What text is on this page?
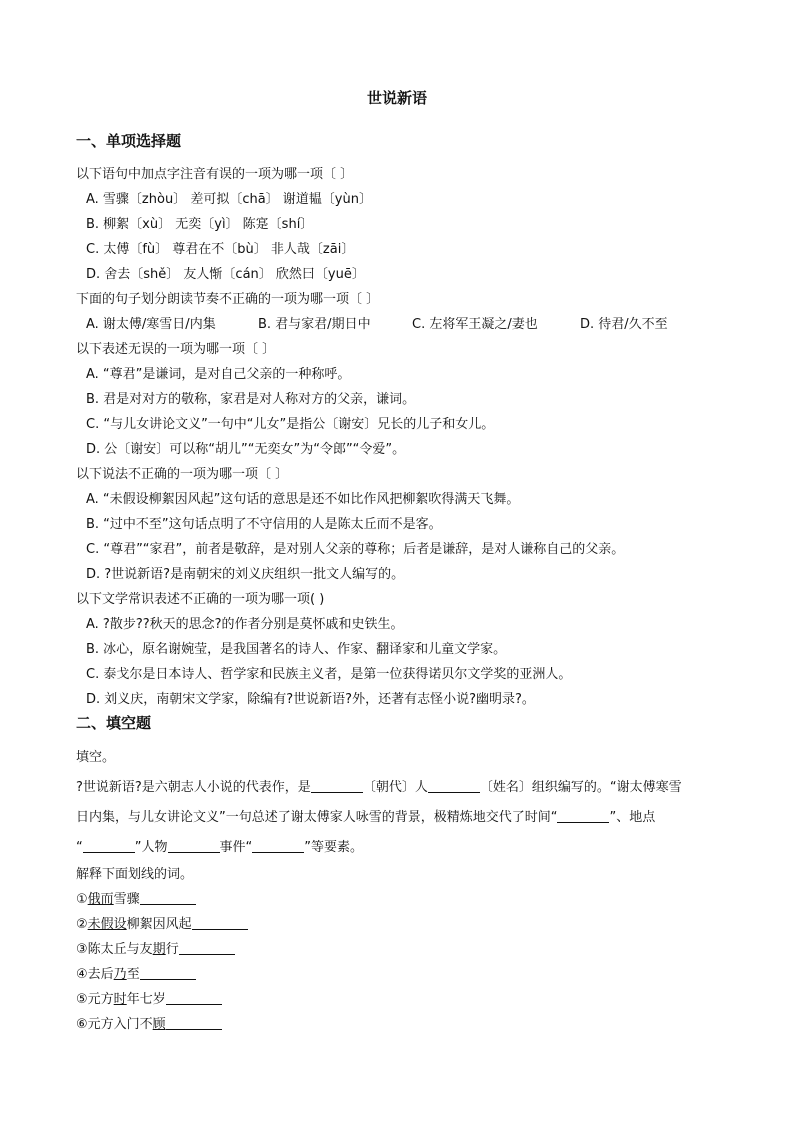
世说新语
一、单项选择题
以下语句中加点字注音有误的一项为哪一项〔 〕
A. 雪骤〔zhòu〕 差可拟〔chā〕 谢道韫〔yùn〕
B. 柳絮〔xù〕 无奕〔yì〕 陈寔〔shí〕
C. 太傅〔fù〕 尊君在不〔bù〕 非人哉〔zāi〕
D. 舍去〔shě〕 友人惭〔cán〕 欣然曰〔yuē〕
下面的句子划分朗读节奏不正确的一项为哪一项〔 〕
A. 谢太傅/寒雪日/内集	B. 君与家君/期日中	C. 左将军王凝之/妻也	D. 待君/久不至
以下表述无误的一项为哪一项〔 〕
A. “尊君”是谦词，是对自己父亲的一种称呼。
B. 君是对对方的敬称，家君是对人称对方的父亲，谦词。
C. “与儿女讲论文义”一句中“儿女”是指公〔谢安〕兄长的儿子和女儿。
D. 公〔谢安〕可以称“胡儿”“无奕女”为“令郎”“令爱”。
以下说法不正确的一项为哪一项〔 〕
A. “未假设柳絮因风起”这句话的意思是还不如比作风把柳絮吹得满天飞舞。
B. “过中不至”这句话点明了不守信用的人是陈太丘而不是客。
C. “尊君”“家君”，前者是敬辞，是对别人父亲的尊称；后者是谦辞，是对人谦称自己的父亲。
D. ?世说新语?是南朝宋的刘义庆组织一批文人编写的。
以下文学常识表述不正确的一项为哪一项( )
A. ?散步??秋天的思念?的作者分别是莫怀戚和史铁生。
B. 冰心，原名谢婉莹，是我国著名的诗人、作家、翻译家和儿童文学家。
C. 泰戈尔是日本诗人、哲学家和民族主义者，是第一位获得诺贝尔文学奖的亚洲人。
D. 刘义庆，南朝宋文学家，除编有?世说新语?外，还著有志怪小说?幽明录?。
二、填空题
填空。
?世说新语?是六朝志人小说的代表作，是	〔朝代〕人	〔姓名〕组织编写的。“谢太傅寒雪
日内集，与儿女讲论文义”一句总述了谢太傅家人咏雪的背景，极精炼地交代了时间“	”、地点
“	”人物	事件“	”等要素。
解释下面划线的词。
①俄而雪骤
②未假设柳絮因风起
③陈太丘与友期行
④去后乃至
⑤元方时年七岁
⑥元方入门不顾
